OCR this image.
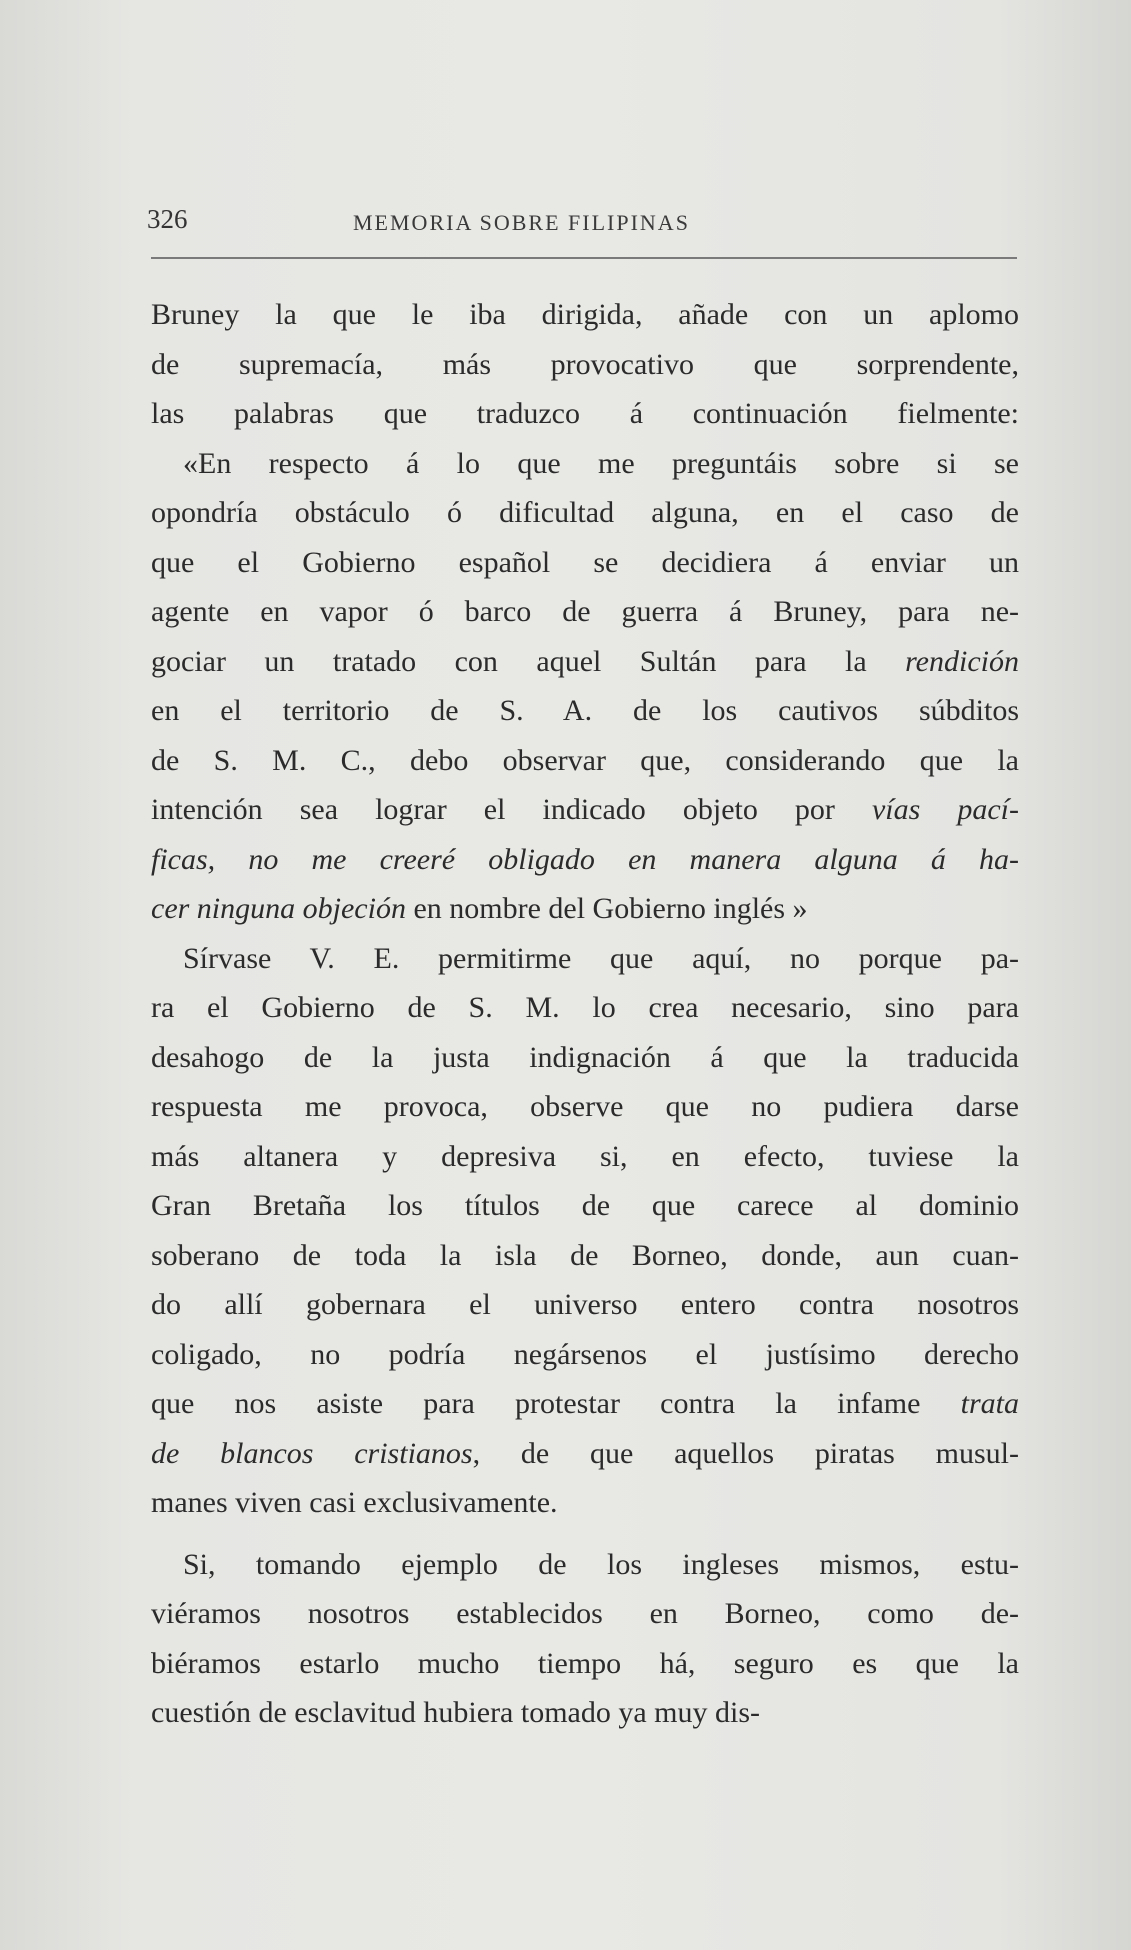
326	MEMORIA SOBRE FILIPINAS
Bruney la que le iba dirigida, añade con un aplomo
de supremacía, más provocativo que sorprendente,
las palabras que traduzco á continuación fielmente:
«En respecto á lo que me preguntáis sobre si se
opondría obstáculo ó dificultad alguna, en el caso de
que el Gobierno español se decidiera á enviar un
agente en vapor ó barco de guerra á Bruney, para ne-
gociar un tratado con aquel Sultán para la rendición
en el territorio de S. A. de los cautivos súbditos
de S. M. C., debo observar que, considerando que la
intención sea lograr el indicado objeto por vías pací-
ficas, no me creeré obligado en manera alguna á ha-
cer ninguna objeción en nombre del Gobierno inglés »
Sírvase V. E. permitirme que aquí, no porque pa-
ra el Gobierno de S. M. lo crea necesario, sino para
desahogo de la justa indignación á que la traducida
respuesta me provoca, observe que no pudiera darse
más altanera y depresiva si, en efecto, tuviese la
Gran Bretaña los títulos de que carece al dominio
soberano de toda la isla de Borneo, donde, aun cuan-
do allí gobernara el universo entero contra nosotros
coligado, no podría negársenos el justísimo derecho
que nos asiste para protestar contra la infame trata
de blancos cristianos, de que aquellos piratas musul-
manes viven casi exclusivamente.
Si, tomando ejemplo de los ingleses mismos, estu-
viéramos nosotros establecidos en Borneo, como de-
biéramos estarlo mucho tiempo há, seguro es que la
cuestión de esclavitud hubiera tomado ya muy dis-
